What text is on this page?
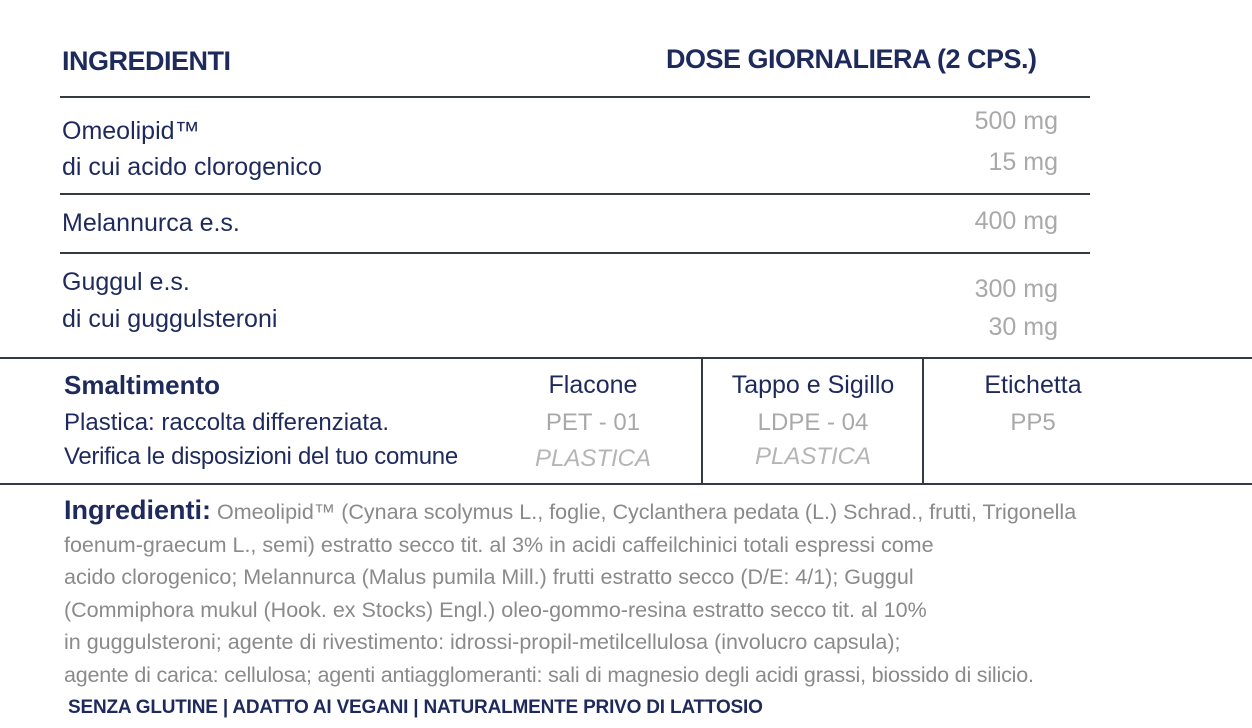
INGREDIENTI	DOSE GIORNALIERA (2 CPS.)
Omeolipid™
di cui acido clorogenico
500 mg
15 mg
Melannurca e.s.	400 mg
Guggul e.s.
di cui guggulsteroni
300 mg
30 mg
Smaltimento
Plastica: raccolta differenziata.
Verifica le disposizioni del tuo comune
Flacone
PET - 01
PLASTICA
Tappo e Sigillo
LDPE - 04
PLASTICA
Etichetta
PP5
Ingredienti: Omeolipid™ (Cynara scolymus L., foglie, Cyclanthera pedata (L.) Schrad., frutti, Trigonella
foenum-graecum L., semi) estratto secco tit. al 3% in acidi caffeilchinici totali espressi come
acido clorogenico; Melannurca (Malus pumila Mill.) frutti estratto secco (D/E: 4/1); Guggul
(Commiphora mukul (Hook. ex Stocks) Engl.) oleo-gommo-resina estratto secco tit. al 10%
in guggulsteroni; agente di rivestimento: idrossi-propil-metilcellulosa (involucro capsula);
agente di carica: cellulosa; agenti antiagglomeranti: sali di magnesio degli acidi grassi, biossido di silicio.
SENZA GLUTINE | ADATTO AI VEGANI | NATURALMENTE PRIVO DI LATTOSIO
